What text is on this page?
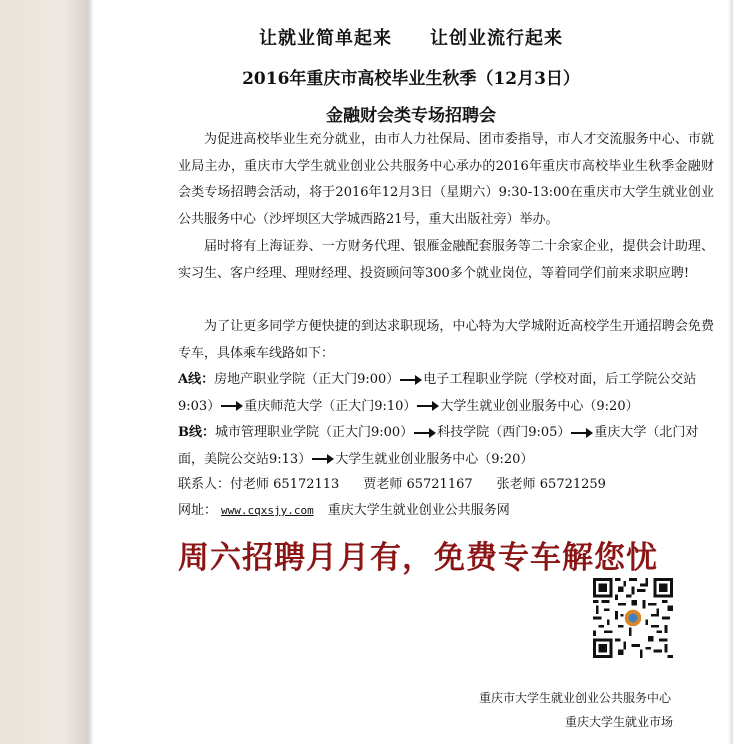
让就业简单起来 让创业流行起来
2016年重庆市高校毕业生秋季（12月3日）
金融财会类专场招聘会
为促进高校毕业生充分就业，由市人力社保局、团市委指导，市人才交流服务中心、市就业局主办，重庆市大学生就业创业公共服务中心承办的2016年重庆市高校毕业生秋季金融财会类专场招聘会活动，将于2016年12月3日（星期六）9:30-13:00在重庆市大学生就业创业公共服务中心（沙坪坝区大学城西路21号，重大出版社旁）举办。
届时将有上海证券、一方财务代理、银雁金融配套服务等二十余家企业，提供会计助理、实习生、客户经理、理财经理、投资顾问等300多个就业岗位，等着同学们前来求职应聘!
为了让更多同学方便快捷的到达求职现场，中心特为大学城附近高校学生开通招聘会免费专车，具体乘车线路如下：
A线：房地产职业学院（正大门9:00） 电子工程职业学院（学校对面，后工学院公交站9:03） 重庆师范大学（正大门9:10） 大学生就业创业服务中心（9:20）
B线：城市管理职业学院（正大门9:00） 科技学院（西门9:05） 重庆大学（北门对面，美院公交站9:13） 大学生就业创业服务中心（9:20）
联系人：付老师 65172113 贾老师 65721167 张老师 65721259
网址： www.cqxsjy.com 重庆大学生就业创业公共服务网
周六招聘月月有，免费专车解您忧
重庆市大学生就业创业公共服务中心
重庆大学生就业市场
